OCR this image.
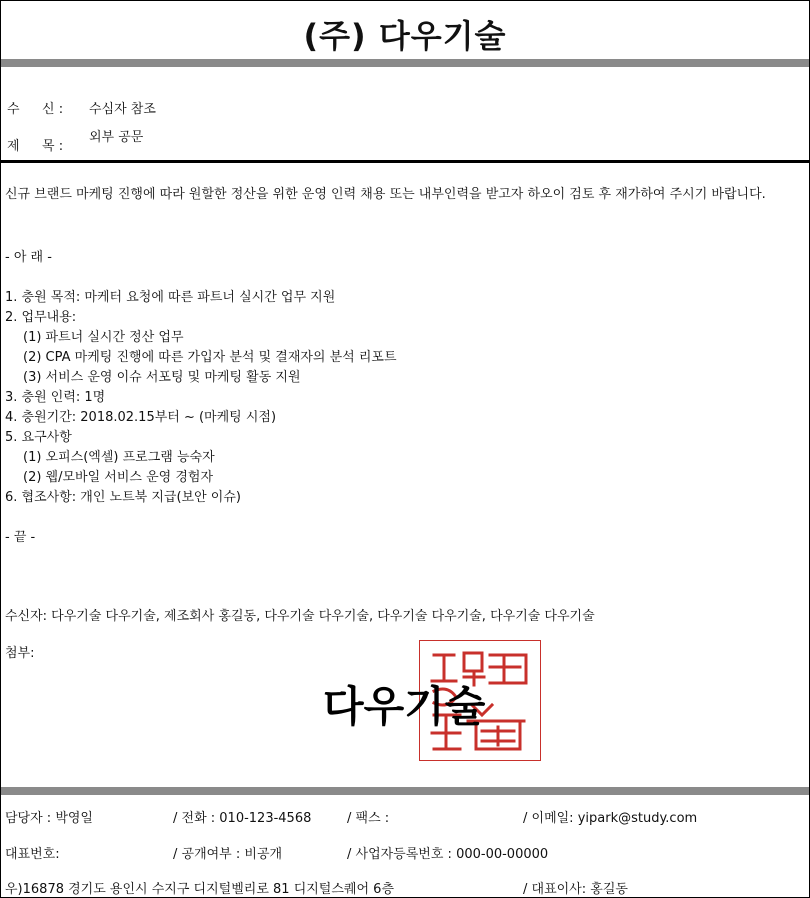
(주) 다우기술
수 신 : 수심자 참조
제 목 :
외부 공문
신규 브랜드 마케팅 진행에 따라 원할한 정산을 위한 운영 인력 채용 또는 내부인력을 받고자 하오이 검토 후 재가하여 주시기 바랍니다.
- 아 래 -
1. 충원 목적: 마케터 요청에 따른 파트너 실시간 업무 지원
2. 업무내용:
(1) 파트너 실시간 정산 업무
(2) CPA 마케팅 진행에 따른 가입자 분석 및 결재자의 분석 리포트
(3) 서비스 운영 이슈 서포팅 및 마케팅 활동 지원
3. 충원 인력: 1명
4. 충원기간: 2018.02.15부터 ~ (마케팅 시점)
5. 요구사항
(1) 오피스(엑셀) 프로그램 능숙자
(2) 웹/모바일 서비스 운영 경험자
6. 협조사항: 개인 노트북 지급(보안 이슈)
- 끝 -
수신자: 다우기술 다우기술, 제조회사 홍길동, 다우기술 다우기술, 다우기술 다우기술, 다우기술 다우기술
첨부:
다우기술
담당자 : 박영일	/ 전화 : 010-123-4568	/ 팩스 :	/ 이메일: yipark@study.com
대표번호:	/ 공개여부 : 비공개	/ 사업자등록번호 : 000-00-00000
우)16878 경기도 용인시 수지구 디지털벨리로 81 디지털스퀘어 6층	/ 대표이사: 홍길동
